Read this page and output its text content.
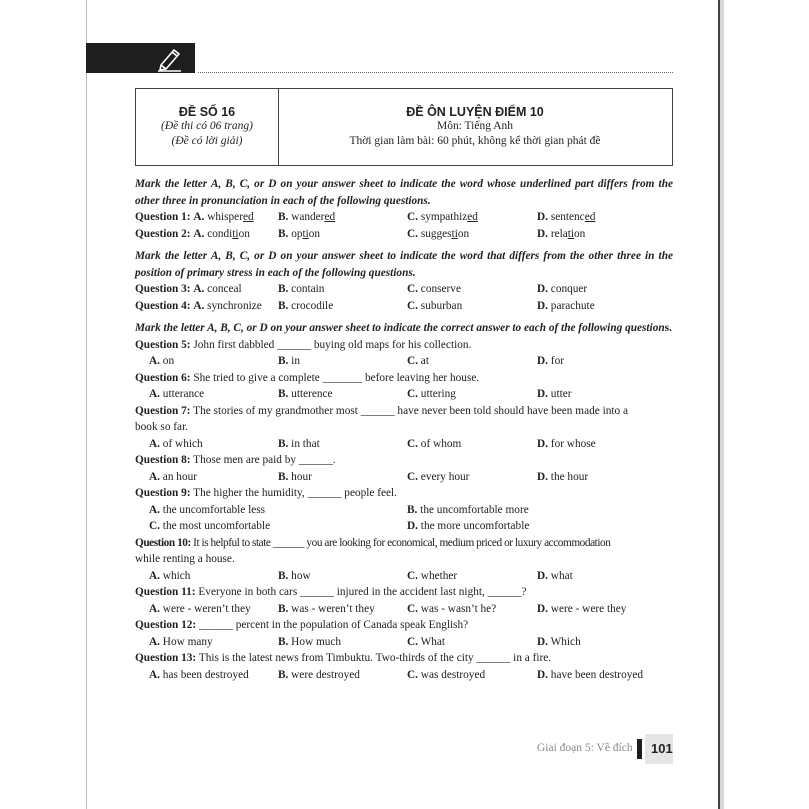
ĐỀ SỐ 16
(Đề thi có 06 trang)
(Đề có lời giải)
ĐỀ ÔN LUYỆN ĐIỂM 10
Môn: Tiếng Anh
Thời gian làm bài: 60 phút, không kể thời gian phát đề
Mark the letter A, B, C, or D on your answer sheet to indicate the word whose underlined part differs from the other three in pronunciation in each of the following questions.
Question 1: A. whispered B. wandered	C. sympathized	D. sentenced
Question 2: A. condition B. option	C. suggestion	D. relation
Mark the letter A, B, C, or D on your answer sheet to indicate the word that differs from the other three in the position of primary stress in each of the following questions.
Question 3: A. conceal	B. contain	C. conserve	D. conquer
Question 4: A. synchronize B. crocodile	C. suburban	D. parachute
Mark the letter A, B, C, or D on your answer sheet to indicate the correct answer to each of the following questions.
Question 5: John first dabbled ______ buying old maps for his collection.
A. on	B. in	C. at	D. for
Question 6: She tried to give a complete _______ before leaving her house.
A. utterance	B. utterence	C. uttering	D. utter
Question 7: The stories of my grandmother most ______ have never been told should have been made into a
book so far.
A. of which	B. in that	C. of whom	D. for whose
Question 8: Those men are paid by ______.
A. an hour	B. hour	C. every hour	D. the hour
Question 9: The higher the humidity, ______ people feel.
A. the uncomfortable less	B. the uncomfortable more
C. the most uncomfortable	D. the more uncomfortable
Question 10: It is helpful to state ______ you are looking for economical, medium priced or luxury accommodation
while renting a house.
A. which	B. how	C. whether	D. what
Question 11: Everyone in both cars ______ injured in the accident last night, ______?
A. were - weren’t they B. was - weren’t they	C. was - wasn’t he?	D. were - were they
Question 12: ______ percent in the population of Canada speak English?
A. How many	B. How much	C. What	D. Which
Question 13: This is the latest news from Timbuktu. Two-thirds of the city ______ in a fire.
A. has been destroyed	B. were destroyed	C. was destroyed	D. have been destroyed
Giai đoạn 5: Về đích 101
